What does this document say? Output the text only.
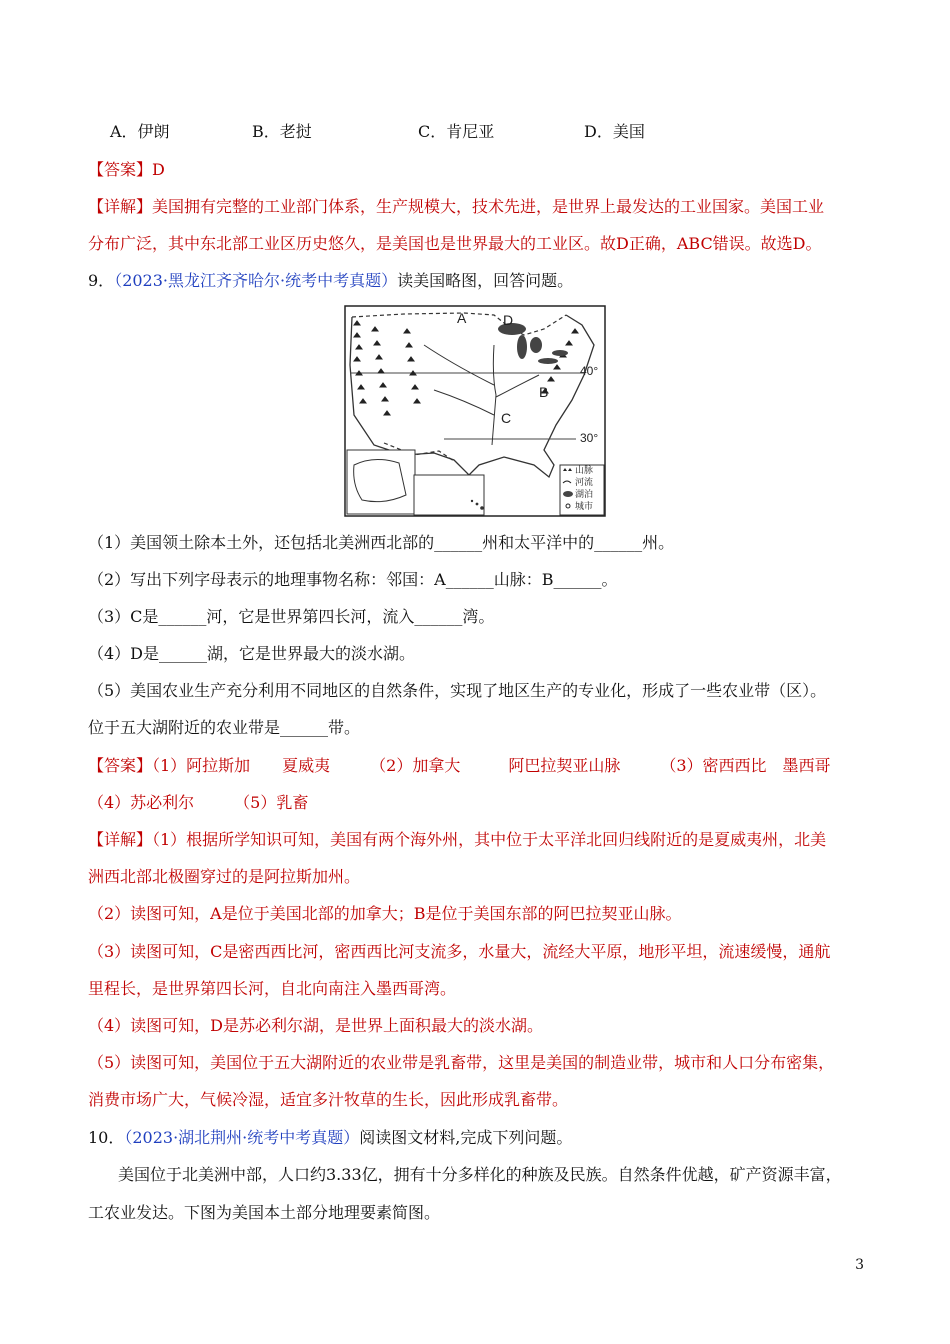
A．伊朗	B．老挝	C．肯尼亚	D．美国
【答案】D
【详解】美国拥有完整的工业部门体系，生产规模大，技术先进，是世界上最发达的工业国家。美国工业
分布广泛，其中东北部工业区历史悠久，是美国也是世界最大的工业区。故D正确，ABC错误。故选D。
9．（2023·黑龙江齐齐哈尔·统考中考真题）读美国略图，回答问题。
A	D
B
C
40°
30°
山脉
河流
湖泊
城市
（1）美国领土除本土外，还包括北美洲西北部的______州和太平洋中的______州。
（2）写出下列字母表示的地理事物名称：邻国：A______山脉：B______。
（3）C是______河，它是世界第四长河，流入______湾。
（4）D是______湖，它是世界最大的淡水湖。
（5）美国农业生产充分利用不同地区的自然条件，实现了地区生产的专业化，形成了一些农业带（区）。
位于五大湖附近的农业带是______带。
【答案】（1）阿拉斯加　　夏威夷　　　（2）加拿大　　　阿巴拉契亚山脉　　　（3）密西西比　墨西哥
（4）苏必利尔　　　（5）乳畜
【详解】（1）根据所学知识可知，美国有两个海外州，其中位于太平洋北回归线附近的是夏威夷州，北美
洲西北部北极圈穿过的是阿拉斯加州。
（2）读图可知，A是位于美国北部的加拿大；B是位于美国东部的阿巴拉契亚山脉。
（3）读图可知，C是密西西比河，密西西比河支流多，水量大，流经大平原，地形平坦，流速缓慢，通航
里程长，是世界第四长河，自北向南注入墨西哥湾。
（4）读图可知，D是苏必利尔湖，是世界上面积最大的淡水湖。
（5）读图可知，美国位于五大湖附近的农业带是乳畜带，这里是美国的制造业带，城市和人口分布密集，
消费市场广大，气候冷湿，适宜多汁牧草的生长，因此形成乳畜带。
10．（2023·湖北荆州·统考中考真题）阅读图文材料,完成下列问题。
美国位于北美洲中部，人口约3.33亿，拥有十分多样化的种族及民族。自然条件优越，矿产资源丰富，
工农业发达。下图为美国本土部分地理要素简图。
3
